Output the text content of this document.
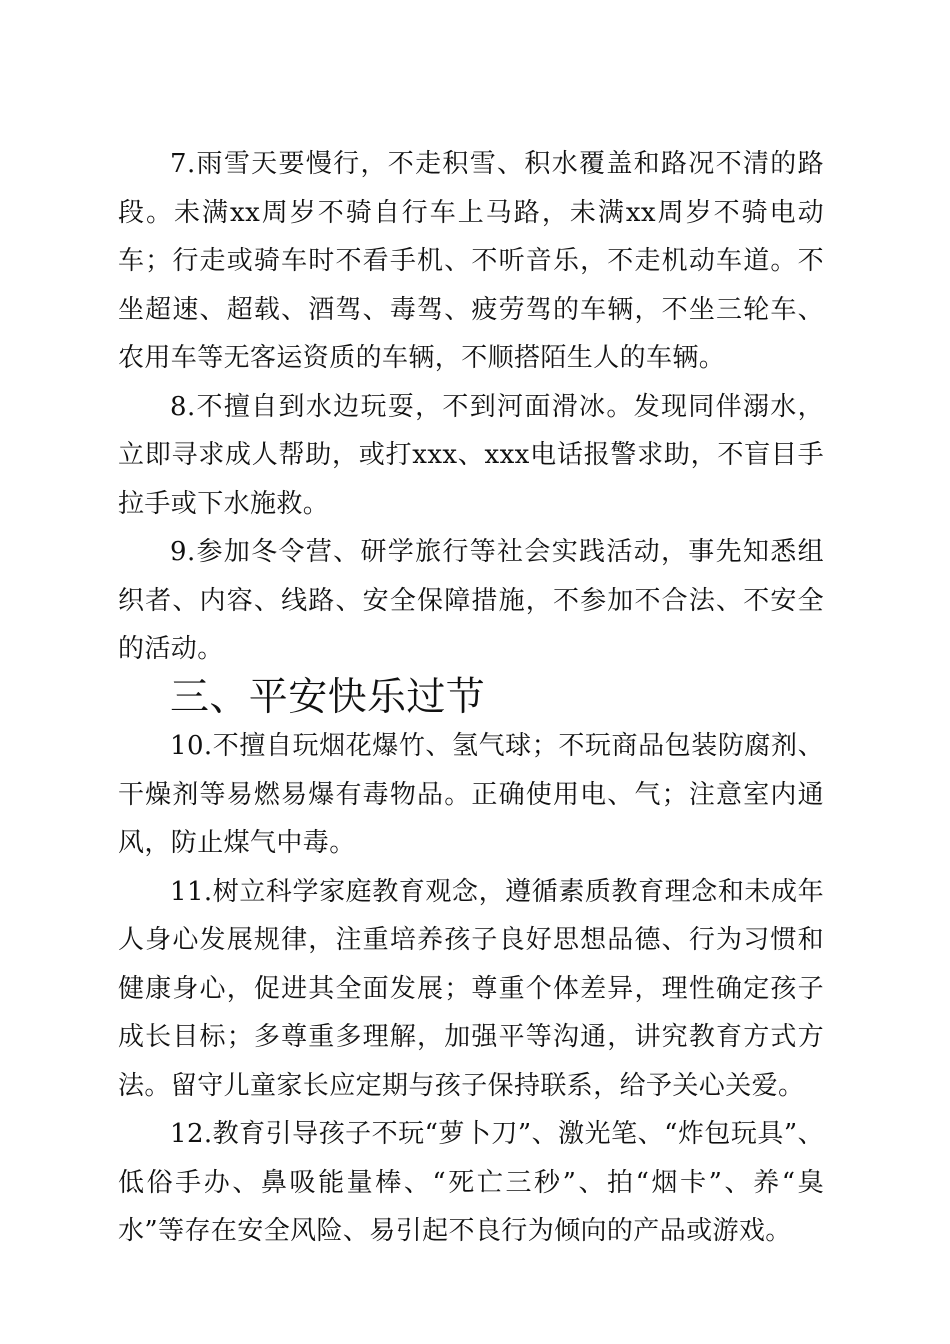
7.雨雪天要慢行，不走积雪、积水覆盖和路况不清的路段。未满xx周岁不骑自行车上马路，未满xx周岁不骑电动车；行走或骑车时不看手机、不听音乐，不走机动车道。不坐超速、超载、酒驾、毒驾、疲劳驾的车辆，不坐三轮车、农用车等无客运资质的车辆，不顺搭陌生人的车辆。

8.不擅自到水边玩耍，不到河面滑冰。发现同伴溺水，立即寻求成人帮助，或打xxx、xxx电话报警求助，不盲目手拉手或下水施救。

9.参加冬令营、研学旅行等社会实践活动，事先知悉组织者、内容、线路、安全保障措施，不参加不合法、不安全的活动。

三、平安快乐过节

10.不擅自玩烟花爆竹、氢气球；不玩商品包装防腐剂、干燥剂等易燃易爆有毒物品。正确使用电、气；注意室内通风，防止煤气中毒。

11.树立科学家庭教育观念，遵循素质教育理念和未成年人身心发展规律，注重培养孩子良好思想品德、行为习惯和健康身心，促进其全面发展；尊重个体差异，理性确定孩子成长目标；多尊重多理解，加强平等沟通，讲究教育方式方法。留守儿童家长应定期与孩子保持联系，给予关心关爱。

12.教育引导孩子不玩“萝卜刀”、激光笔、“炸包玩具”、低俗手办、鼻吸能量棒、“死亡三秒”、拍“烟卡”、养“臭水”等存在安全风险、易引起不良行为倾向的产品或游戏。
